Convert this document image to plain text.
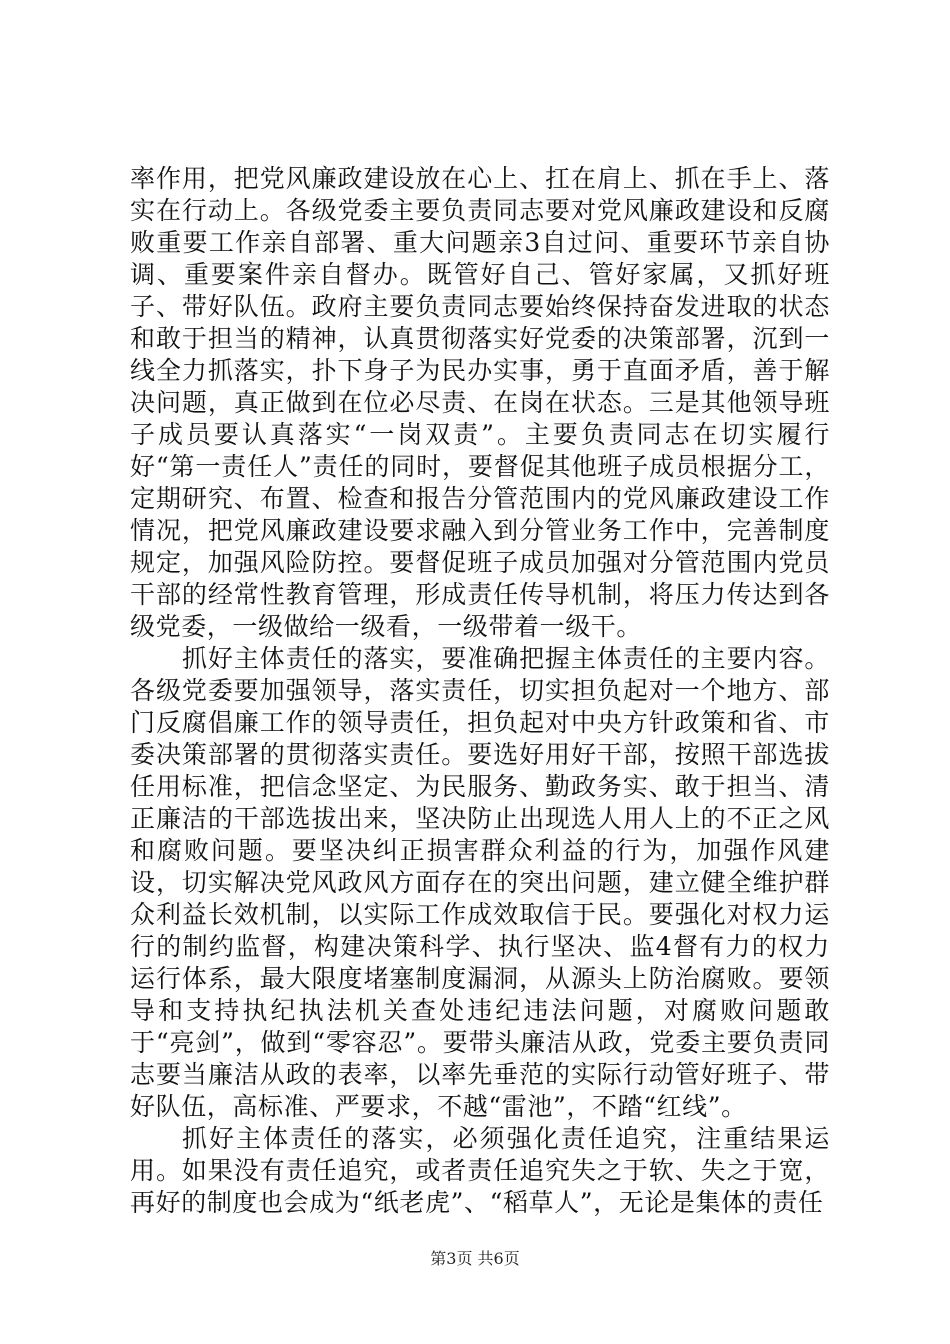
率作用，把党风廉政建设放在心上、扛在肩上、抓在手上、落实在行动上。各级党委主要负责同志要对党风廉政建设和反腐败重要工作亲自部署、重大问题亲3自过问、重要环节亲自协调、重要案件亲自督办。既管好自己、管好家属，又抓好班子、带好队伍。政府主要负责同志要始终保持奋发进取的状态和敢于担当的精神，认真贯彻落实好党委的决策部署，沉到一线全力抓落实，扑下身子为民办实事，勇于直面矛盾，善于解决问题，真正做到在位必尽责、在岗在状态。三是其他领导班子成员要认真落实“一岗双责”。主要负责同志在切实履行好“第一责任人”责任的同时，要督促其他班子成员根据分工，定期研究、布置、检查和报告分管范围内的党风廉政建设工作情况，把党风廉政建设要求融入到分管业务工作中，完善制度规定，加强风险防控。要督促班子成员加强对分管范围内党员干部的经常性教育管理，形成责任传导机制，将压力传达到各级党委，一级做给一级看，一级带着一级干。

抓好主体责任的落实，要准确把握主体责任的主要内容。各级党委要加强领导，落实责任，切实担负起对一个地方、部门反腐倡廉工作的领导责任，担负起对中央方针政策和省、市委决策部署的贯彻落实责任。要选好用好干部，按照干部选拔任用标准，把信念坚定、为民服务、勤政务实、敢于担当、清正廉洁的干部选拔出来，坚决防止出现选人用人上的不正之风和腐败问题。要坚决纠正损害群众利益的行为，加强作风建设，切实解决党风政风方面存在的突出问题，建立健全维护群众利益长效机制，以实际工作成效取信于民。要强化对权力运行的制约监督，构建决策科学、执行坚决、监4督有力的权力运行体系，最大限度堵塞制度漏洞，从源头上防治腐败。要领导和支持执纪执法机关查处违纪违法问题，对腐败问题敢于“亮剑”，做到“零容忍”。要带头廉洁从政，党委主要负责同志要当廉洁从政的表率，以率先垂范的实际行动管好班子、带好队伍，高标准、严要求，不越“雷池”，不踏“红线”。

抓好主体责任的落实，必须强化责任追究，注重结果运用。如果没有责任追究，或者责任追究失之于软、失之于宽，再好的制度也会成为“纸老虎”、“稻草人”，无论是集体的责任

第3页 共6页
